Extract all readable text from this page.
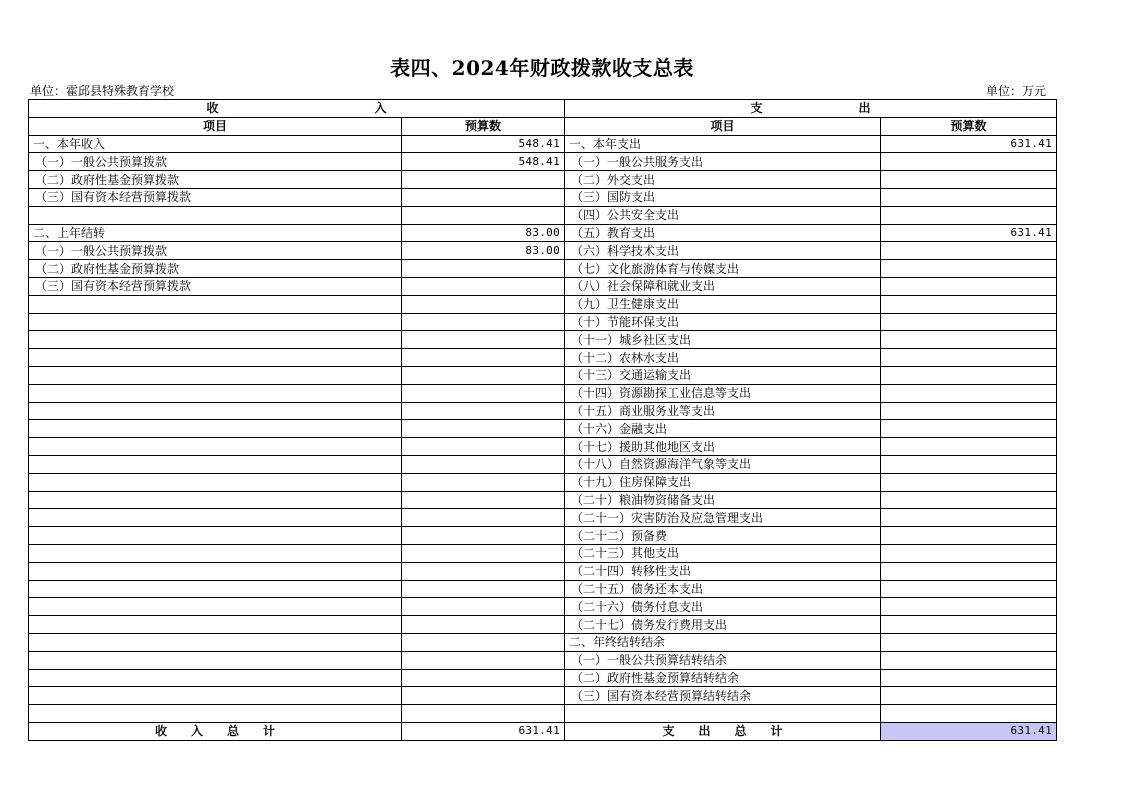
表四、2024年财政拨款收支总表
单位：霍邱县特殊教育学校	单位：万元
收　　　　　　　　　　　　　入		支　　　　　　　　出	
项目	预算数	项目	预算数
一、本年收入	548.41	一、本年支出	631.41
（一）一般公共预算拨款	548.41	（一）一般公共服务支出	
（二）政府性基金预算拨款		（二）外交支出	
（三）国有资本经营预算拨款		（三）国防支出	
		（四）公共安全支出	
二、上年结转	83.00	（五）教育支出	631.41
（一）一般公共预算拨款	83.00	（六）科学技术支出	
（二）政府性基金预算拨款		（七）文化旅游体育与传媒支出	
（三）国有资本经营预算拨款		（八）社会保障和就业支出	
		（九）卫生健康支出	
		（十）节能环保支出	
		（十一）城乡社区支出	
		（十二）农林水支出	
		（十三）交通运输支出	
		（十四）资源勘探工业信息等支出	
		（十五）商业服务业等支出	
		（十六）金融支出	
		（十七）援助其他地区支出	
		（十八）自然资源海洋气象等支出	
		（十九）住房保障支出	
		（二十）粮油物资储备支出	
		（二十一）灾害防治及应急管理支出	
		（二十二）预备费	
		（二十三）其他支出	
		（二十四）转移性支出	
		（二十五）债务还本支出	
		（二十六）债务付息支出	
		（二十七）债务发行费用支出	
		二、年终结转结余	
		（一）一般公共预算结转结余	
		（二）政府性基金预算结转结余	
		（三）国有资本经营预算结转结余	

收　　入　　总　　计	631.41	支　　出　　总　　计	631.41
